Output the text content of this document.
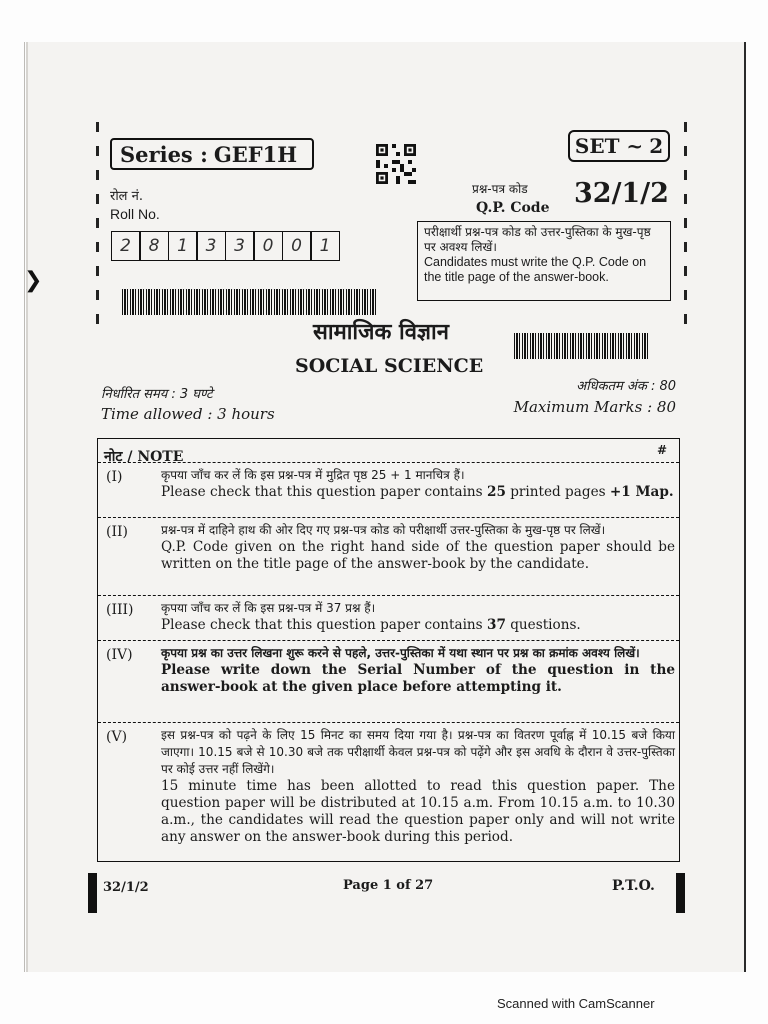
❯
Series : GEF1H	SET ~ 2
रोल नं.
Roll No.
2	8	1	3	3	0	0	1
प्रश्न-पत्र कोड
Q.P. Code 32/1/2
परीक्षार्थी प्रश्न-पत्र कोड को उत्तर-पुस्तिका के मुख-पृष्ठ पर अवश्य लिखें।
Candidates must write the Q.P. Code on the title page of the answer-book.
सामाजिक विज्ञान
SOCIAL SCIENCE
निर्धारित समय : 3 घण्टे
Time allowed : 3 hours
अधिकतम अंक : 80
Maximum Marks : 80
नोट / NOTE	#
(I)	कृपया जाँच कर लें कि इस प्रश्न-पत्र में मुद्रित पृष्ठ 25 + 1 मानचित्र हैं।
Please check that this question paper contains 25 printed pages +1 Map.
(II)	प्रश्न-पत्र में दाहिने हाथ की ओर दिए गए प्रश्न-पत्र कोड को परीक्षार्थी उत्तर-पुस्तिका के मुख-पृष्ठ पर लिखें।
Q.P. Code given on the right hand side of the question paper should be written on the title page of the answer-book by the candidate.
(III)	कृपया जाँच कर लें कि इस प्रश्न-पत्र में 37 प्रश्न हैं।
Please check that this question paper contains 37 questions.
(IV)	कृपया प्रश्न का उत्तर लिखना शुरू करने से पहले, उत्तर-पुस्तिका में यथा स्थान पर प्रश्न का क्रमांक अवश्य लिखें।
Please write down the Serial Number of the question in the answer-book at the given place before attempting it.
(V)	इस प्रश्न-पत्र को पढ़ने के लिए 15 मिनट का समय दिया गया है। प्रश्न-पत्र का वितरण पूर्वाह्न में 10.15 बजे किया जाएगा। 10.15 बजे से 10.30 बजे तक परीक्षार्थी केवल प्रश्न-पत्र को पढ़ेंगे और इस अवधि के दौरान वे उत्तर-पुस्तिका पर कोई उत्तर नहीं लिखेंगे।
15 minute time has been allotted to read this question paper. The question paper will be distributed at 10.15 a.m. From 10.15 a.m. to 10.30 a.m., the candidates will read the question paper only and will not write any answer on the answer-book during this period.
32/1/2	Page 1 of 27	P.T.O.
Scanned with CamScanner
